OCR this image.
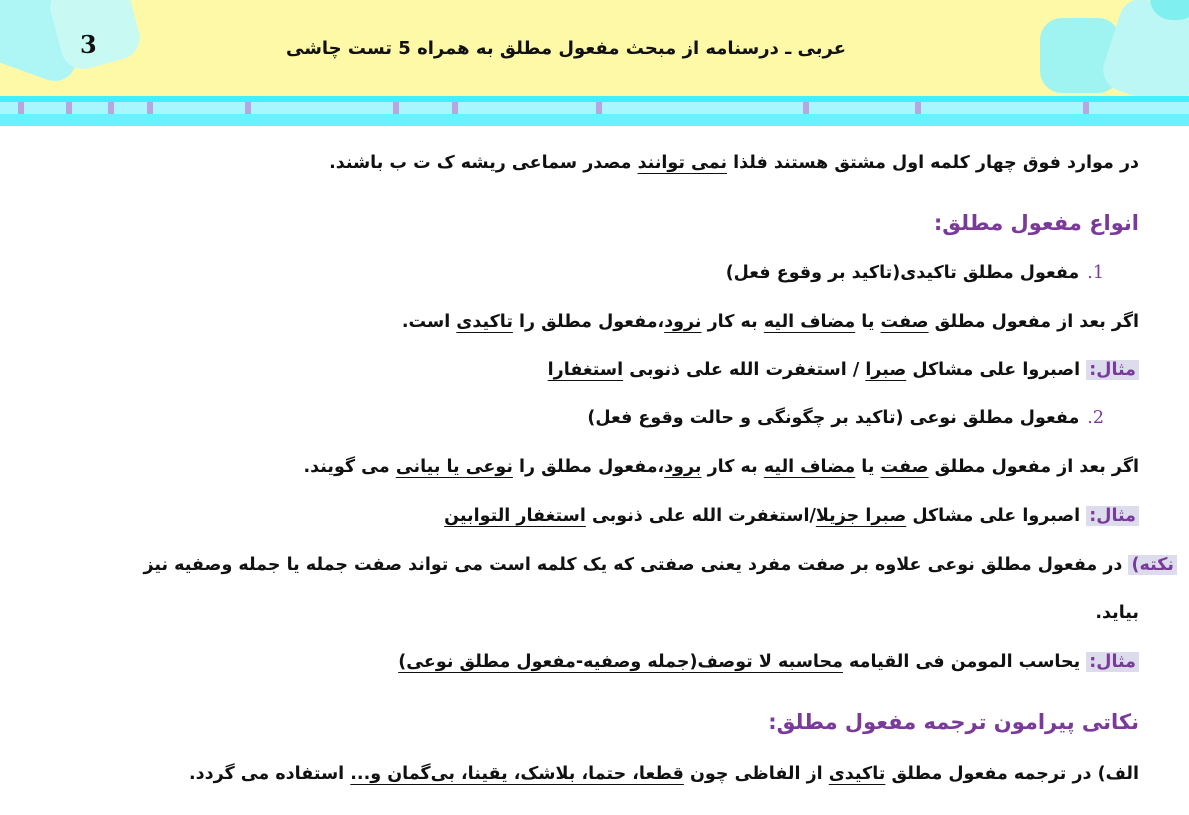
3	عربی ـ درسنامه از مبحث مفعول مطلق به همراه 5 تست چاشی
در موارد فوق چهار کلمه اول مشتق هستند فلذا نمی توانند مصدر سماعی ریشه ک ت ب باشند.
انواع مفعول مطلق:
1.مفعول مطلق تاکیدی(تاکید بر وقوع فعل)
اگر بعد از مفعول مطلق صفت یا مضاف الیه به کار نرود،مفعول مطلق را تاکیدی است.
مثال: اصبروا علی مشاکل صبرا / استغفرت الله علی ذنوبی استغفارا
2.مفعول مطلق نوعی (تاکید بر چگونگی و حالت وقوع فعل)
اگر بعد از مفعول مطلق صفت یا مضاف الیه به کار برود،مفعول مطلق را نوعی یا بیانی می گویند.
مثال: اصبروا علی مشاکل صبرا جزیلا/استغفرت الله علی ذنوبی استغفار التوابین
نکته) در مفعول مطلق نوعی علاوه بر صفت مفرد یعنی صفتی که یک کلمه است می تواند صفت جمله یا جمله وصفیه نیز
بیاید.
مثال: یحاسب المومن فی القیامه محاسبه لا توصف(جمله وصفیه-مفعول مطلق نوعی)
نکاتی پیرامون ترجمه مفعول مطلق:
الف) در ترجمه مفعول مطلق تاکیدی از الفاظی چون قطعا، حتما، بلاشک، یقینا، بی‌گمان و... استفاده می گردد.
